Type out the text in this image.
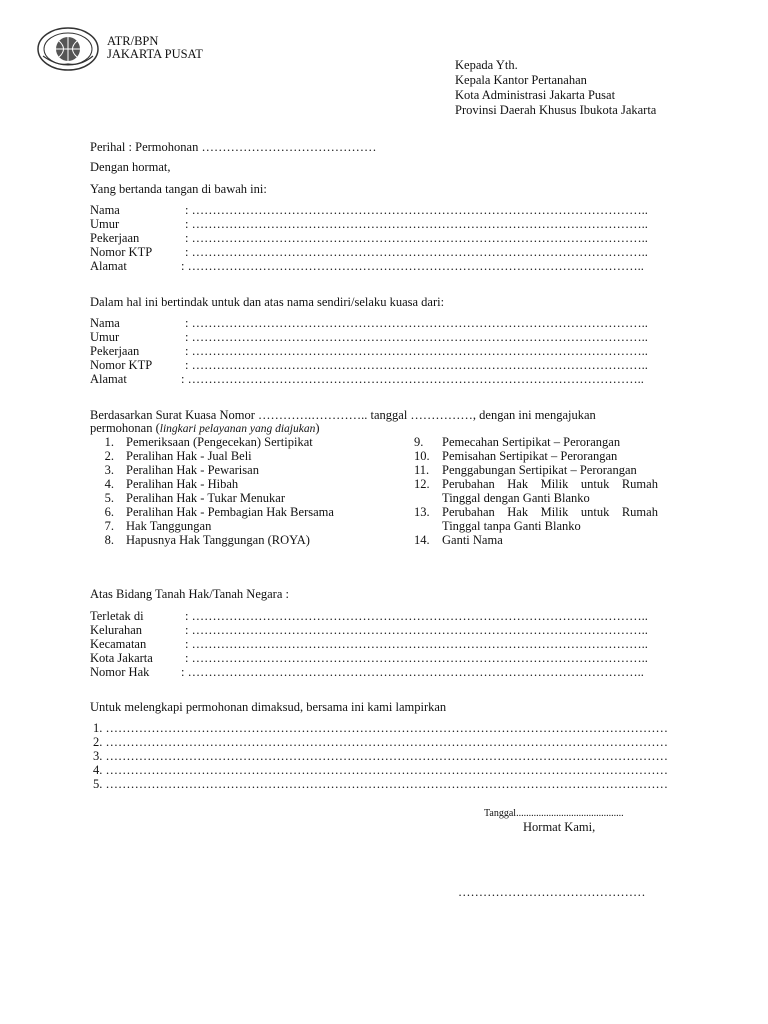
ATR/BPN
JAKARTA PUSAT
Kepada Yth.
Kepala Kantor Pertanahan
Kota Administrasi Jakarta Pusat
Provinsi Daerah Khusus Ibukota Jakarta
Perihal : Permohonan ……………………………………
Dengan hormat,
Yang bertanda tangan di bawah ini:
Nama	: ………………………………………………………………………………………………..
Umur	: ………………………………………………………………………………………………..
Pekerjaan	: ………………………………………………………………………………………………..
Nomor KTP	: ………………………………………………………………………………………………..
Alamat	: ………………………………………………………………………………………………..
Dalam hal ini bertindak untuk dan atas nama sendiri/selaku kuasa dari:
Nama	: ………………………………………………………………………………………………..
Umur	: ………………………………………………………………………………………………..
Pekerjaan	: ………………………………………………………………………………………………..
Nomor KTP	: ………………………………………………………………………………………………..
Alamat	: ………………………………………………………………………………………………..
Berdasarkan Surat Kuasa Nomor ………….………….. tanggal ……………, dengan ini mengajukan
permohonan (lingkari pelayanan yang diajukan)
1. Pemeriksaan (Pengecekan) Sertipikat
2. Peralihan Hak - Jual Beli
3. Peralihan Hak - Pewarisan
4. Peralihan Hak - Hibah
5. Peralihan Hak - Tukar Menukar
6. Peralihan Hak - Pembagian Hak Bersama
7. Hak Tanggungan
8. Hapusnya Hak Tanggungan (ROYA)
9. Pemecahan Sertipikat – Perorangan
10. Pemisahan Sertipikat – Perorangan
11. Penggabungan Sertipikat – Perorangan
12. Perubahan    Hak    Milik    untuk    Rumah
Tinggal dengan Ganti Blanko
13. Perubahan    Hak    Milik    untuk    Rumah
Tinggal tanpa Ganti Blanko
14. Ganti Nama
Atas Bidang Tanah Hak/Tanah Negara :
Terletak di	: ………………………………………………………………………………………………..
Kelurahan	: ………………………………………………………………………………………………..
Kecamatan	: ………………………………………………………………………………………………..
Kota Jakarta	: ………………………………………………………………………………………………..
Nomor Hak	: ………………………………………………………………………………………………..
Untuk melengkapi permohonan dimaksud, bersama ini kami lampirkan
1. ………………………………………………………………………………………………………………………
2. ………………………………………………………………………………………………………………………
3. ………………………………………………………………………………………………………………………
4. ………………………………………………………………………………………………………………………
5. ………………………………………………………………………………………………………………………
Tanggal...........................................
Hormat Kami,
………………………………………
